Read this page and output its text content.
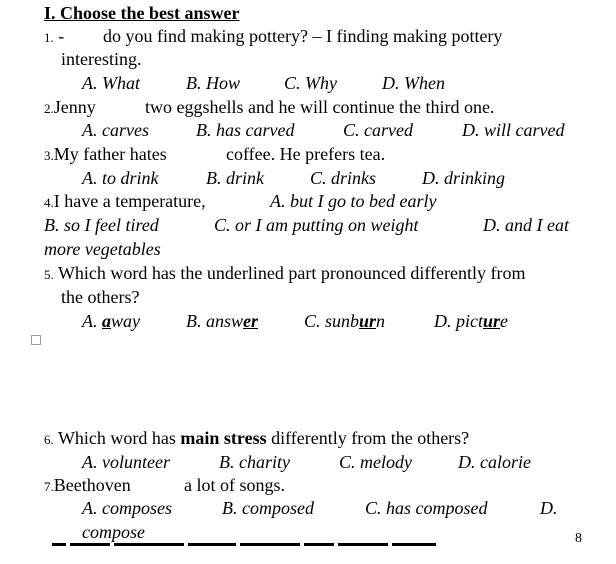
I. Choose the best answer
1. - do you find making pottery? – I finding making pottery
interesting.
A. What	B. How C. Why	D. When
2.Jenny	two eggshells and he will continue the third one.
A. carves	B. has carved	C. carved	D. will carved
3.My father hates	coffee. He prefers tea.
A. to drink	B. drink	C. drinks	D. drinking
4.I have a temperature,	A. but I go to bed early
B. so I feel tired	C. or I am putting on weight	D. and I eat
more vegetables
5. Which word has the underlined part pronounced differently from
the others?
A. away	B. answer	C. sunburn	D. picture
6. Which word has main stress differently from the others?
A. volunteer	B. charity	C. melody	D. calorie
7.Beethoven	a lot of songs.
A. composes	B. composed	C. has composed	D.
compose	8
